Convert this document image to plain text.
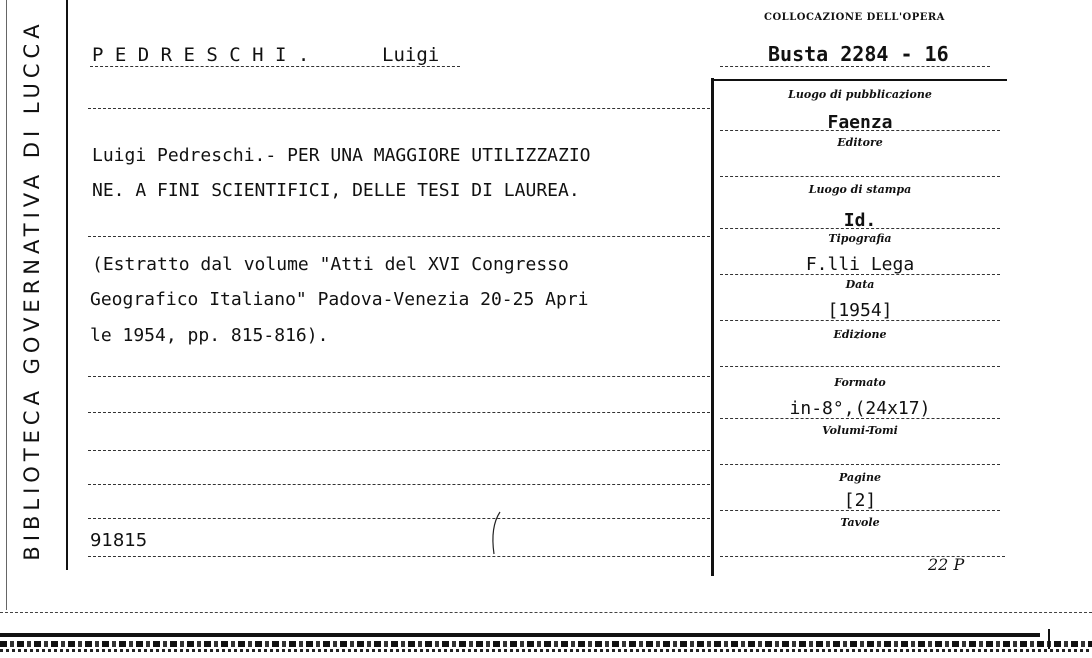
BIBLIOTECA GOVERNATIVA DI LUCCA
COLLOCAZIONE DELL'OPERA
Busta 2284 - 16
P E D R E S C H I .	Luigi
Luigi Pedreschi.- PER UNA MAGGIORE UTILIZZAZIO
NE. A FINI SCIENTIFICI, DELLE TESI DI LAUREA.
(Estratto dal volume "Atti del XVI Congresso
Geografico Italiano" Padova-Venezia 20-25 Apri
le 1954, pp. 815-816).
91815
Luogo di pubblicazione
Faenza
Editore
Luogo di stampa
Id.
Tipografia
F.lli Lega
Data
[1954]
Edizione
Formato
in-8°,(24x17)
Volumi-Tomi
Pagine
[2]
Tavole
22 P
